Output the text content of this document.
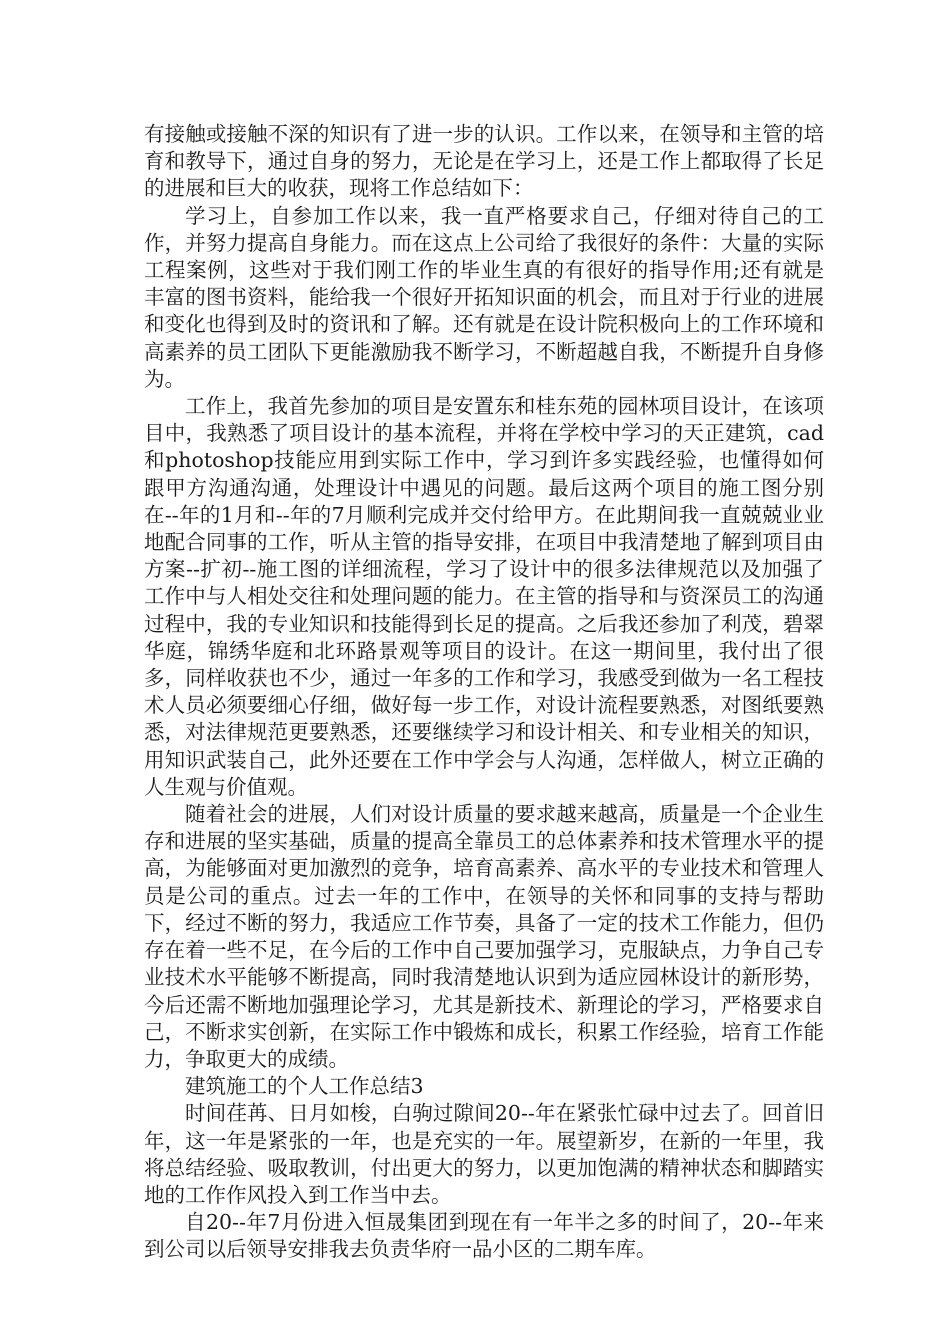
有接触或接触不深的知识有了进一步的认识。工作以来，在领导和主管的培育和教导下，通过自身的努力，无论是在学习上，还是工作上都取得了长足的进展和巨大的收获，现将工作总结如下：

学习上，自参加工作以来，我一直严格要求自己，仔细对待自己的工作，并努力提高自身能力。而在这点上公司给了我很好的条件：大量的实际工程案例，这些对于我们刚工作的毕业生真的有很好的指导作用;还有就是丰富的图书资料，能给我一个很好开拓知识面的机会，而且对于行业的进展和变化也得到及时的资讯和了解。还有就是在设计院积极向上的工作环境和高素养的员工团队下更能激励我不断学习，不断超越自我，不断提升自身修为。

工作上，我首先参加的项目是安置东和桂东苑的园林项目设计，在该项目中，我熟悉了项目设计的基本流程，并将在学校中学习的天正建筑，cad和photoshop技能应用到实际工作中，学习到许多实践经验，也懂得如何跟甲方沟通沟通，处理设计中遇见的问题。最后这两个项目的施工图分别在--年的1月和--年的7月顺利完成并交付给甲方。在此期间我一直兢兢业业地配合同事的工作，听从主管的指导安排，在项目中我清楚地了解到项目由方案--扩初--施工图的详细流程，学习了设计中的很多法律规范以及加强了工作中与人相处交往和处理问题的能力。在主管的指导和与资深员工的沟通过程中，我的专业知识和技能得到长足的提高。之后我还参加了利茂，碧翠华庭，锦绣华庭和北环路景观等项目的设计。在这一期间里，我付出了很多，同样收获也不少，通过一年多的工作和学习，我感受到做为一名工程技术人员必须要细心仔细，做好每一步工作，对设计流程要熟悉，对图纸要熟悉，对法律规范更要熟悉，还要继续学习和设计相关、和专业相关的知识，用知识武装自己，此外还要在工作中学会与人沟通，怎样做人，树立正确的人生观与价值观。

随着社会的进展，人们对设计质量的要求越来越高，质量是一个企业生存和进展的坚实基础，质量的提高全靠员工的总体素养和技术管理水平的提高，为能够面对更加激烈的竞争，培育高素养、高水平的专业技术和管理人员是公司的重点。过去一年的工作中，在领导的关怀和同事的支持与帮助下，经过不断的努力，我适应工作节奏，具备了一定的技术工作能力，但仍存在着一些不足，在今后的工作中自己要加强学习，克服缺点，力争自己专业技术水平能够不断提高，同时我清楚地认识到为适应园林设计的新形势，今后还需不断地加强理论学习，尤其是新技术、新理论的学习，严格要求自己，不断求实创新，在实际工作中锻炼和成长，积累工作经验，培育工作能力，争取更大的成绩。

建筑施工的个人工作总结3

时间荏苒、日月如梭，白驹过隙间20--年在紧张忙碌中过去了。回首旧年，这一年是紧张的一年，也是充实的一年。展望新岁，在新的一年里，我将总结经验、吸取教训，付出更大的努力，以更加饱满的精神状态和脚踏实地的工作作风投入到工作当中去。

自20--年7月份进入恒晟集团到现在有一年半之多的时间了，20--年来到公司以后领导安排我去负责华府一品小区的二期车库。
